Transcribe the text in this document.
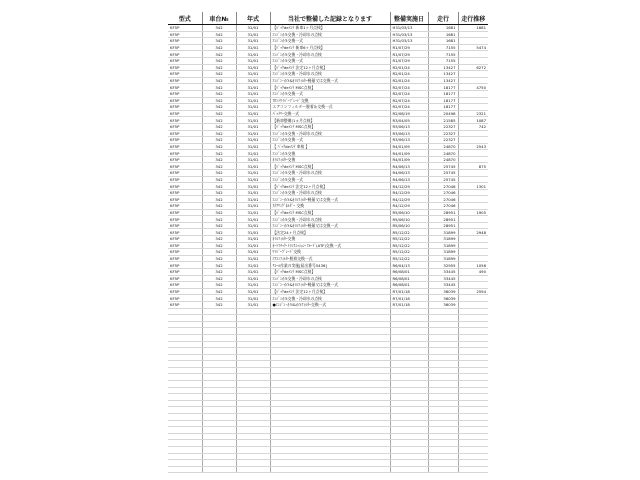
型式	車台№	年式	当社で整備した記録となります	整備実施日	走行	走行推移
KF5P	342	31/01	【ﾊﾟｯｸdeﾒﾝﾃ 新車1ヶ月点検】	H31/03/13	1681	1681
KF5P	342	31/01	ｴﾝｼﾞﾝｵｲﾙ交換・冷却水の点検	H31/03/13	1681	
KF5P	342	31/01	ｴﾝｼﾞﾝｵｲﾙ交換一式	H31/03/13	1681	
KF5P	342	31/01	【ﾊﾟｯｸdeﾒﾝﾃ 新車6ヶ月点検】	R1/07/29	7155	5474
KF5P	342	31/01	ｴﾝｼﾞﾝｵｲﾙ交換・冷却水の点検	R1/07/29	7155	
KF5P	342	31/01	ｴﾝｼﾞﾝｵｲﾙ交換一式	R1/07/29	7155	
KF5P	342	31/01	【ﾊﾟｯｸdeﾒﾝﾃ 法定12ヶ月点検】	R2/01/24	13427	6272
KF5P	342	31/01	ｴﾝｼﾞﾝｵｲﾙ交換・冷却水の点検	R2/01/24	13427	
KF5P	342	31/01	ｴﾝｼﾞﾝ･ｵｲﾙ&ｵｲﾙﾌｨﾙﾀｰ軽量又は交換一式	R2/01/24	13427	
KF5P	342	31/01	【ﾊﾟｯｸdeﾒﾝﾃ MSC点検】	R2/07/24	18177	4750
KF5P	342	31/01	ｴﾝｼﾞﾝｵｲﾙ交換一式	R2/07/24	18177	
KF5P	342	31/01	ﾌﾛﾝﾄﾜｲﾊﾟｰﾌﾞﾚｰﾄﾞ交換	R2/07/24	18177	
KF5P	342	31/01	エアコンフィルター脱着＆交換一式	R2/07/24	18177	
KF5P	342	31/01	ﾊﾞｯﾃﾘｰ交換一式	R2/08/19	20498	2321
KF5P	342	31/01	【新車整備(1ヵ月点検】	R3/04/05	21585	1087
KF5P	342	31/01	【ﾊﾟｯｸdeﾒﾝﾃ MSC点検】	R3/06/13	22327	742
KF5P	342	31/01	ｴﾝｼﾞﾝｵｲﾙ交換・冷却水の点検	R3/06/13	22327	
KF5P	342	31/01	ｴﾝｼﾞﾝｵｲﾙ交換一式	R3/06/13	22327	
KF5P	342	31/01	【 ﾊﾟｯｸdeﾒﾝﾃ 車検 】	R4/01/09	24870	2543
KF5P	342	31/01	ｴﾝｼﾞﾝｵｲﾙ交換	R4/01/09	24870	
KF5P	342	31/01	ｵｲﾙﾌｨﾙﾀｰ交換	R4/01/09	24870	
KF5P	342	31/01	【ﾊﾟｯｸdeﾒﾝﾃ MSC点検】	R4/06/13	25745	875
KF5P	342	31/01	ｴﾝｼﾞﾝｵｲﾙ交換・冷却水の点検	R4/06/13	25745	
KF5P	342	31/01	ｴﾝｼﾞﾝｵｲﾙ交換一式	R4/06/13	25745	
KF5P	342	31/01	【ﾊﾟｯｸdeﾒﾝﾃ 法定12ヶ月点検】	R4/12/29	27046	1301
KF5P	342	31/01	ｴﾝｼﾞﾝｵｲﾙ交換・冷却水の点検	R4/12/29	27046	
KF5P	342	31/01	ｴﾝｼﾞﾝ･ｵｲﾙ&ｵｲﾙﾌｨﾙﾀｰ軽量又は交換一式	R4/12/29	27046	
KF5P	342	31/01	ｽﾃｱﾘﾝｸﾞﾎﾙﾀﾞｰ 交換	R4/12/29	27046	
KF5P	342	31/01	【ﾊﾟｯｸdeﾒﾝﾃ MSC点検】	R5/06/10	28951	1905
KF5P	342	31/01	ｴﾝｼﾞﾝｵｲﾙ交換・冷却水の点検	R5/06/10	28951	
KF5P	342	31/01	ｴﾝｼﾞﾝ･ｵｲﾙ&ｵｲﾙﾌｨﾙﾀｰ軽量又は交換一式	R5/06/10	28951	
KF5P	342	31/01	【法定24ヶ月点検】	R5/12/22	31899	2948
KF5P	342	31/01	ｵｲﾙﾌｨﾙﾀｰ交換	R5/12/22	31899	
KF5P	342	31/01	ｵｰﾄﾏﾁｯｸ･ﾄﾗﾝｽﾐｯｼｮﾝ･ﾌﾙｰﾄﾞ(ATF)交換一式	R5/12/22	31899	
KF5P	342	31/01	ﾜｲﾊﾟｰﾌﾞﾚｰﾄﾞ交換	R5/12/22	31899	
KF5P	342	31/01	ｴｱｺﾝﾌｨﾙﾀｰ脱着交換一式	R5/12/22	31899	
KF5P	342	31/01	ﾘｺｰﾙ作業の実施[届出番号5436]	R6/04/13	32955	1056
KF5P	342	31/01	【ﾊﾟｯｸdeﾒﾝﾃ MSC点検】	R6/08/01	33445	490
KF5P	342	31/01	ｴﾝｼﾞﾝｵｲﾙ交換・冷却水の点検	R6/08/01	33445	
KF5P	342	31/01	ｴﾝｼﾞﾝ･ｵｲﾙ&ｵｲﾙﾌｨﾙﾀｰ軽量又は交換一式	R6/08/01	33445	
KF5P	342	31/01	【ﾊﾟｯｸdeﾒﾝﾃ 法定12ヶ月点検】	R7/01/18	36039	2594
KF5P	342	31/01	ｴﾝｼﾞﾝｵｲﾙ交換・冷却水の点検	R7/01/18	36039	
KF5P	342	31/01	●ｴﾝｼﾞﾝ･ｵｲﾙ&ｵｲﾙﾌｨﾙﾀｰ交換一式	R7/01/18	36039	
